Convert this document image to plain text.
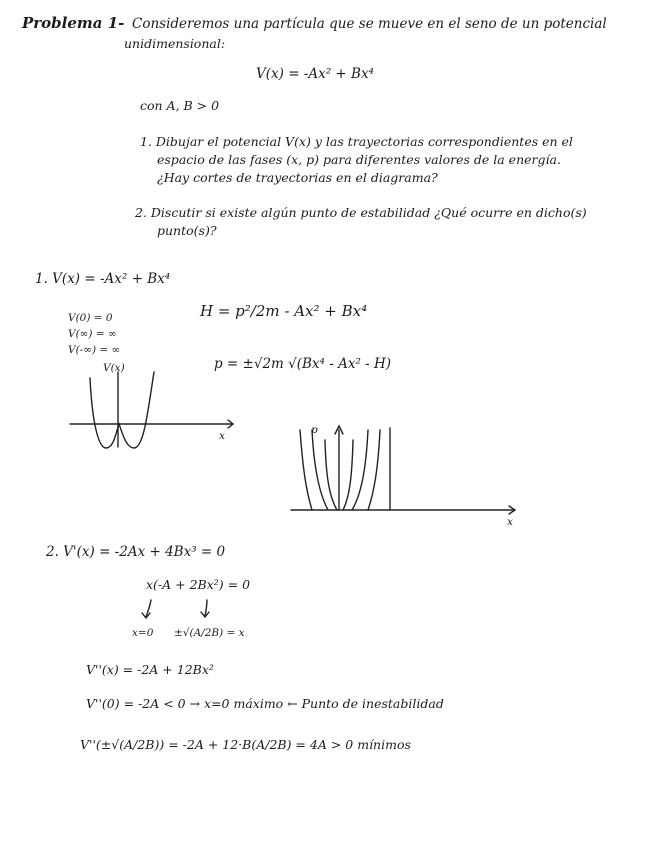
Problema 1- Consideremos una partícula que se mueve en el seno de un potencial
unidimensional:
V(x) = -Ax² + Bx⁴
con A, B > 0
1. Dibujar el potencial V(x) y las trayectorias correspondientes en el
espacio de las fases (x, p) para diferentes valores de la energía.
¿Hay cortes de trayectorias en el diagrama?
2. Discutir si existe algún punto de estabilidad ¿Qué ocurre en dicho(s)
punto(s)?
1. V(x) = -Ax² + Bx⁴
V(0) = 0
V(∞) = ∞
V(-∞) = ∞
V(x)
x
H = p²/2m - Ax² + Bx⁴
p = ±√2m √(Bx⁴ - Ax² - H)
p
x
2. V'(x) = -2Ax + 4Bx³ = 0
x(-A + 2Bx²) = 0
x=0 ±√(A/2B) = x
V''(x) = -2A + 12Bx²
V''(0) = -2A < 0 → x=0 máximo ← Punto de inestabilidad
V''(±√(A/2B)) = -2A + 12·B(A/2B) = 4A > 0 mínimos
